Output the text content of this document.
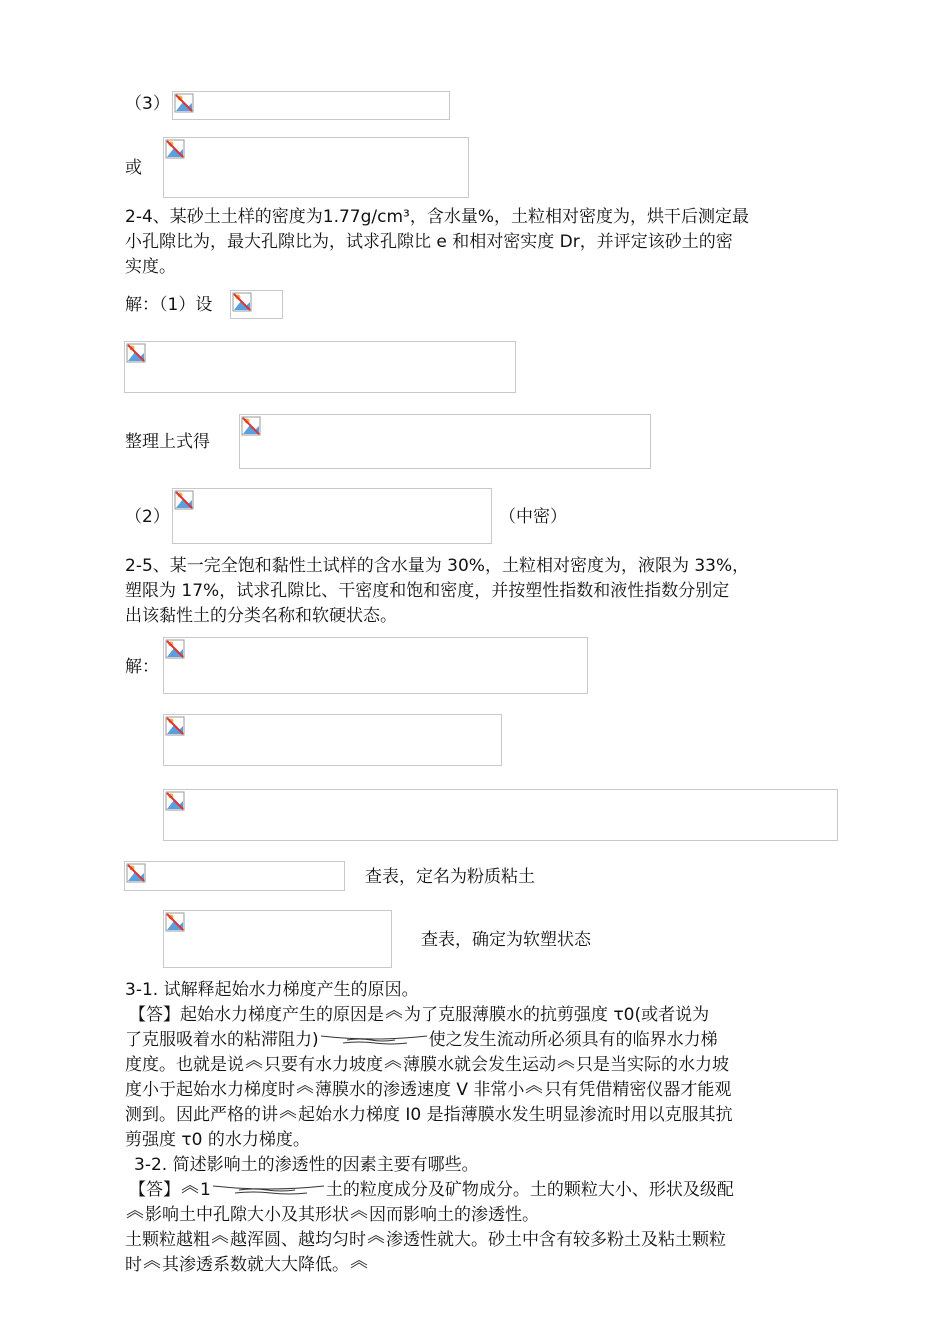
（3）
或
2-4、某砂土土样的密度为1.77g/cm³，含水量%，土粒相对密度为，烘干后测定最
小孔隙比为，最大孔隙比为，试求孔隙比 e 和相对密实度 Dr，并评定该砂土的密
实度。
解：（1）设
整理上式得
（2）	（中密）
2-5、某一完全饱和黏性土试样的含水量为 30%，土粒相对密度为，液限为 33%，
塑限为 17%，试求孔隙比、干密度和饱和密度，并按塑性指数和液性指数分别定
出该黏性土的分类名称和软硬状态。
解：
查表，定名为粉质粘土
查表，确定为软塑状态
3-1. 试解释起始水力梯度产生的原因。
【答】起始水力梯度产生的原因是 为了克服薄膜水的抗剪强度 τ0(或者说为
了克服吸着水的粘滞阻力)	使之发生流动所必须具有的临界水力梯
度度。也就是说 只要有水力坡度 薄膜水就会发生运动 只是当实际的水力坡
度小于起始水力梯度时 薄膜水的渗透速度 V 非常小 只有凭借精密仪器才能观
测到。因此严格的讲 起始水力梯度 I0 是指薄膜水发生明显渗流时用以克服其抗
剪强度 τ0 的水力梯度。
3-2. 简述影响土的渗透性的因素主要有哪些。
【答】 1	土的粒度成分及矿物成分。土的颗粒大小、形状及级配
影响土中孔隙大小及其形状 因而影响土的渗透性。
土颗粒越粗 越浑圆、越均匀时 渗透性就大。砂土中含有较多粉土及粘土颗粒
时 其渗透系数就大大降低。
